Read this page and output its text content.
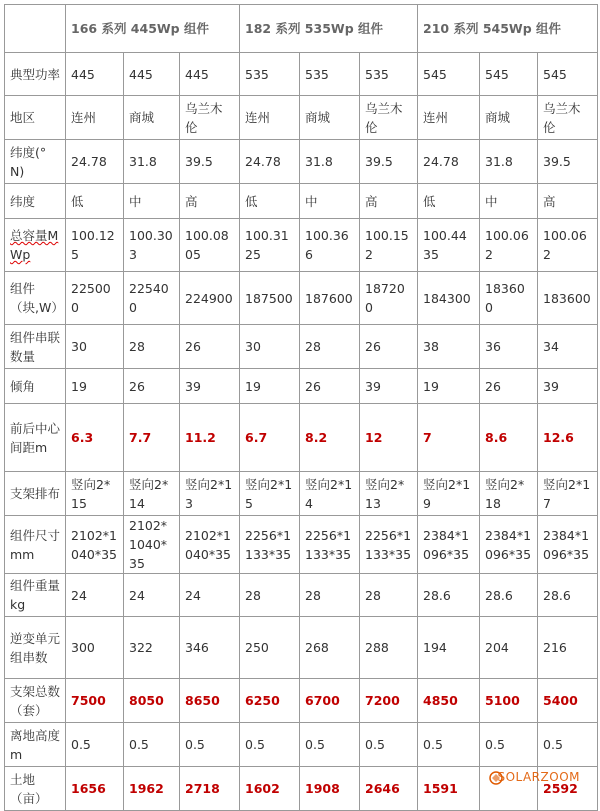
	166 系列 445Wp 组件			182 系列 535Wp 组件			210 系列 545Wp 组件		
典型功率	445	445	445	535	535	535	545	545	545
地区	连州	商城	乌兰木伦	连州	商城	乌兰木伦	连州	商城	乌兰木伦
纬度(°N)	24.78	31.8	39.5	24.78	31.8	39.5	24.78	31.8	39.5
纬度	低	中	高	低	中	高	低	中	高
总容量MWp	100.125	100.303	100.0805	100.3125	100.366	100.152	100.4435	100.062	100.062
组件（块,W）	225000	225400	224900	187500	187600	187200	184300	183600	183600
组件串联数量	30	28	26	30	28	26	38	36	34
倾角	19	26	39	19	26	39	19	26	39
前后中心间距m	6.3	7.7	11.2	6.7	8.2	12	7	8.6	12.6
支架排布	竖向2*15	竖向2*14	竖向2*13	竖向2*15	竖向2*14	竖向2*13	竖向2*19	竖向2*18	竖向2*17
组件尺寸mm	2102*1040*35	2102*1040*35	2102*1040*35	2256*1133*35	2256*1133*35	2256*1133*35	2384*1096*35	2384*1096*35	2384*1096*35
组件重量kg	24	24	24	28	28	28	28.6	28.6	28.6
逆变单元组串数	300	322	346	250	268	288	194	204	216
支架总数（套）	7500	8050	8650	6250	6700	7200	4850	5100	5400
离地高度m	0.5	0.5	0.5	0.5	0.5	0.5	0.5	0.5	0.5
土地（亩）	1656	1962	2718	1602	1908	2646	1591		2592
SOLARZOOM
